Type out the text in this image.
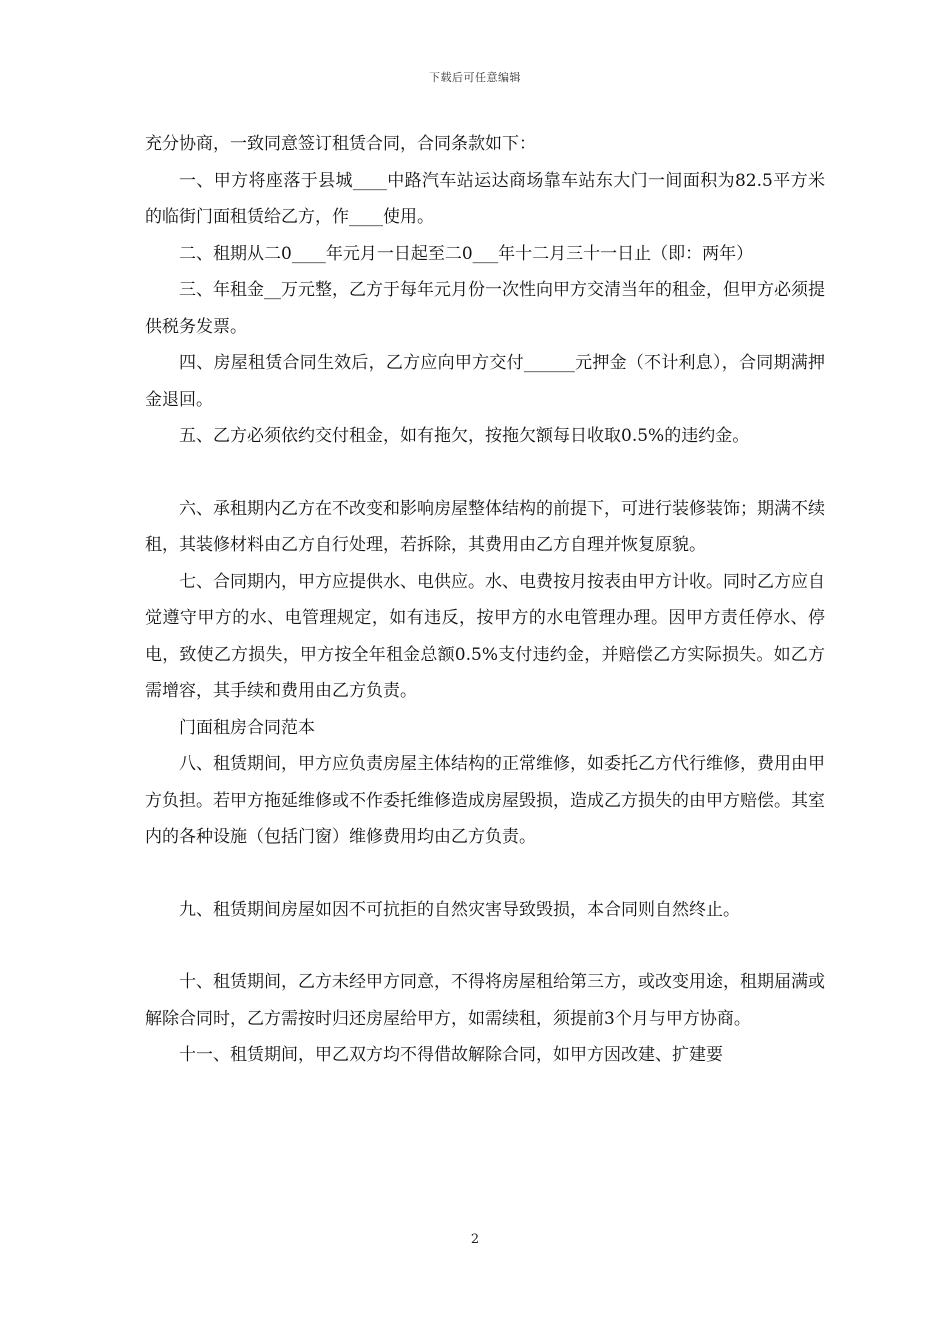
下载后可任意编辑

充分协商，一致同意签订租赁合同，合同条款如下：

一、甲方将座落于县城____中路汽车站运达商场靠车站东大门一间面积为82.5平方米的临街门面租赁给乙方，作____使用。

二、租期从二0____年元月一日起至二0___年十二月三十一日止（即：两年）

三、年租金__万元整，乙方于每年元月份一次性向甲方交清当年的租金，但甲方必须提供税务发票。

四、房屋租赁合同生效后，乙方应向甲方交付______元押金（不计利息），合同期满押金退回。

五、乙方必须依约交付租金，如有拖欠，按拖欠额每日收取0.5%的违约金。

六、承租期内乙方在不改变和影响房屋整体结构的前提下，可进行装修装饰；期满不续租，其装修材料由乙方自行处理，若拆除，其费用由乙方自理并恢复原貌。

七、合同期内，甲方应提供水、电供应。水、电费按月按表由甲方计收。同时乙方应自觉遵守甲方的水、电管理规定，如有违反，按甲方的水电管理办理。因甲方责任停水、停电，致使乙方损失，甲方按全年租金总额0.5%支付违约金，并赔偿乙方实际损失。如乙方需增容，其手续和费用由乙方负责。

门面租房合同范本

八、租赁期间，甲方应负责房屋主体结构的正常维修，如委托乙方代行维修，费用由甲方负担。若甲方拖延维修或不作委托维修造成房屋毁损，造成乙方损失的由甲方赔偿。其室内的各种设施（包括门窗）维修费用均由乙方负责。

九、租赁期间房屋如因不可抗拒的自然灾害导致毁损，本合同则自然终止。

十、租赁期间，乙方未经甲方同意，不得将房屋租给第三方，或改变用途，租期届满或解除合同时，乙方需按时归还房屋给甲方，如需续租，须提前3个月与甲方协商。

十一、租赁期间，甲乙双方均不得借故解除合同，如甲方因改建、扩建要

2
